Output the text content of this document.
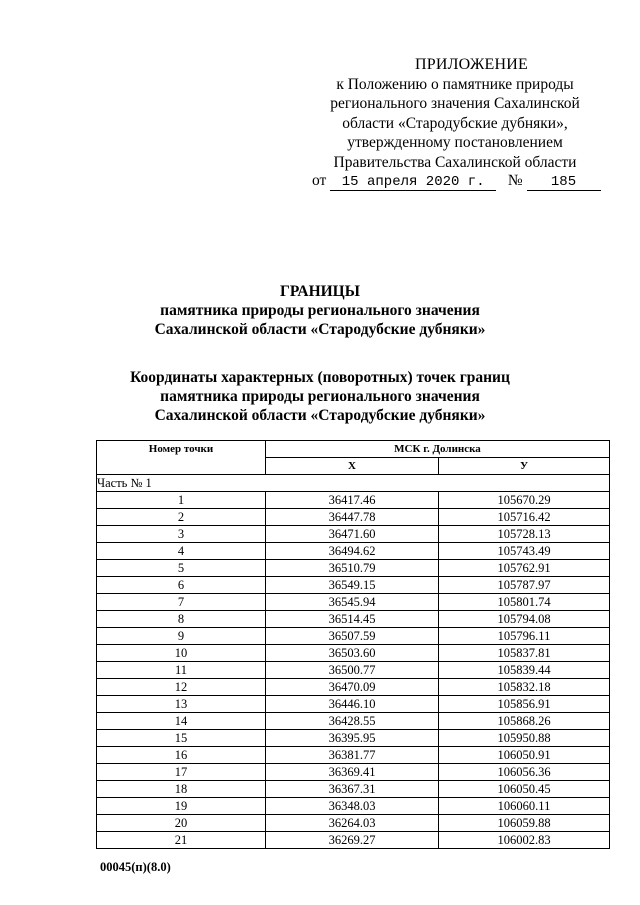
ПРИЛОЖЕНИЕ
к Положению о памятнике природы
регионального значения Сахалинской
области «Стародубские дубняки»,
утвержденному постановлением
Правительства Сахалинской области
от 15 апреля 2020 г. № 185
ГРАНИЦЫ
памятника природы регионального значения
Сахалинской области «Стародубские дубняки»
Координаты характерных (поворотных) точек границ
памятника природы регионального значения
Сахалинской области «Стародубские дубняки»
Номер точки	МСК г. Долинска	
	X	У
Часть № 1		
1	36417.46	105670.29
2	36447.78	105716.42
3	36471.60	105728.13
4	36494.62	105743.49
5	36510.79	105762.91
6	36549.15	105787.97
7	36545.94	105801.74
8	36514.45	105794.08
9	36507.59	105796.11
10	36503.60	105837.81
11	36500.77	105839.44
12	36470.09	105832.18
13	36446.10	105856.91
14	36428.55	105868.26
15	36395.95	105950.88
16	36381.77	106050.91
17	36369.41	106056.36
18	36367.31	106050.45
19	36348.03	106060.11
20	36264.03	106059.88
21	36269.27	106002.83
00045(п)(8.0)
